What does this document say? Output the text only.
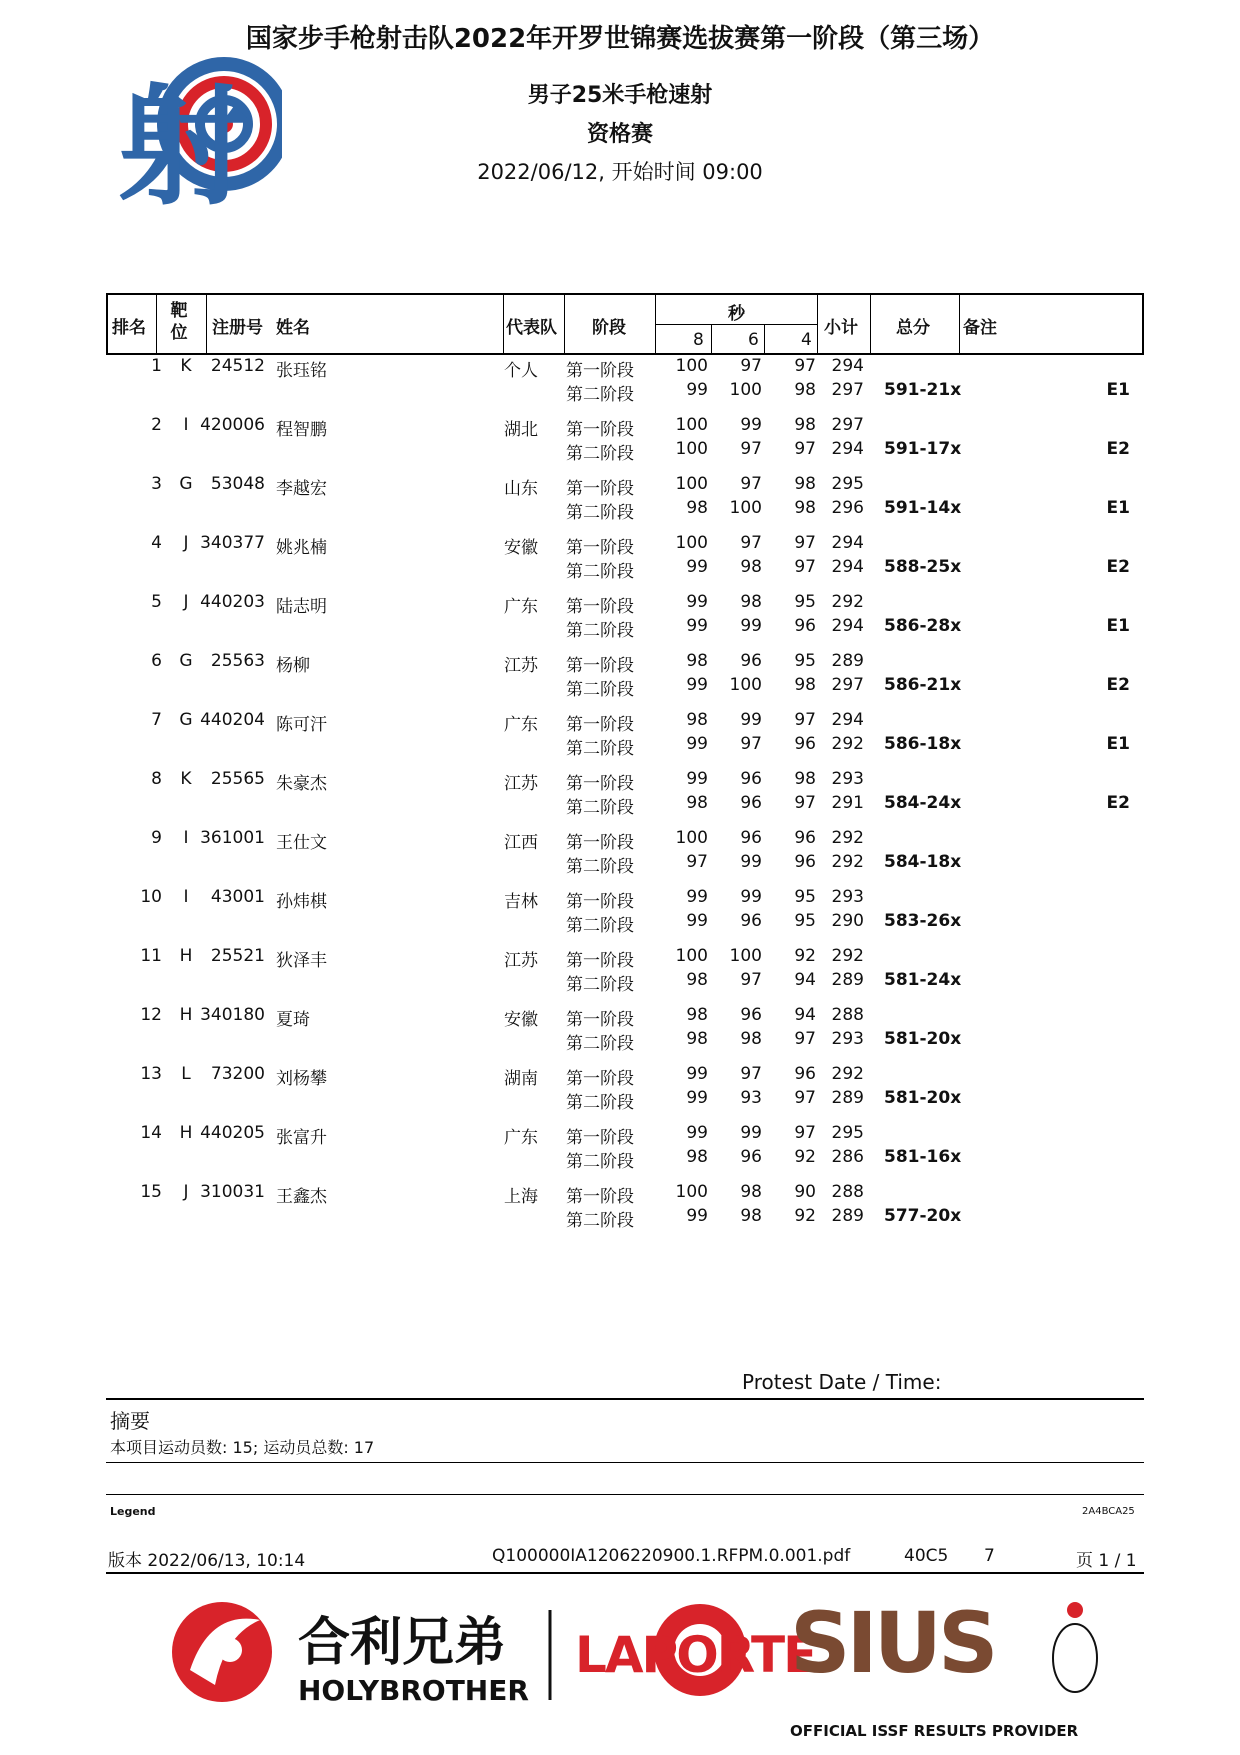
射
国家步手枪射击队2022年开罗世锦赛选拔赛第一阶段（第三场）
男子25米手枪速射
资格赛
2022/06/12, 开始时间 09:00
排名
靶位	注册号 姓名	代表队 阶段
秒
8	6 4
小计 总分 备注
1 K	24512 张珏铭	个人	第一阶段	100	97	97 294
第二阶段	99	100	98 297 591-21x	E1
2	I 420006 程智鹏	湖北	第一阶段	100	99	98 297
第二阶段	100	97	97 294 591-17x	E2
3 G	53048 李越宏	山东	第一阶段	100	97	98 295
第二阶段	98	100	98 296 591-14x	E1
4	J 340377 姚兆楠	安徽	第一阶段	100	97	97 294
第二阶段	99	98	97 294 588-25x	E2
5	J 440203 陆志明	广东	第一阶段	99	98	95 292
第二阶段	99	99	96 294 586-28x	E1
6 G	25563 杨柳	江苏	第一阶段	98	96	95 289
第二阶段	99	100	98 297 586-21x	E2
7 G 440204 陈可汗	广东	第一阶段	98	99	97 294
第二阶段	99	97	96 292 586-18x	E1
8 K	25565 朱豪杰	江苏	第一阶段	99	96	98 293
第二阶段	98	96	97 291 584-24x	E2
9	I 361001 王仕文	江西	第一阶段	100	96	96 292
第二阶段	97	99	96 292 584-18x
10	I	43001 孙炜棋	吉林	第一阶段	99	99	95 293
第二阶段	99	96	95 290 583-26x
11 H	25521 狄泽丰	江苏	第一阶段	100	100	92 292
第二阶段	98	97	94 289 581-24x
12 H 340180 夏琦	安徽	第一阶段	98	96	94 288
第二阶段	98	98	97 293 581-20x
13	L	73200 刘杨攀	湖南	第一阶段	99	97	96 292
第二阶段	99	93	97 289 581-20x
14 H 440205 张富升	广东	第一阶段	99	99	97 295
第二阶段	98	96	92 286 581-16x
15	J 310031 王鑫杰	上海	第一阶段	100	98	90 288
第二阶段	99	98	92 289 577-20x
Protest Date / Time:
摘要
本项目运动员数: 15; 运动员总数: 17
Legend	2A4BCA25
版本 2022/06/13, 10:14	Q100000IA1206220900.1.RFPM.0.001.pdf	40C5 7	页 1 / 1
合利兄弟
HOLYBROTHER
LAPORTE
SIUS
OFFICIAL ISSF RESULTS PROVIDER
